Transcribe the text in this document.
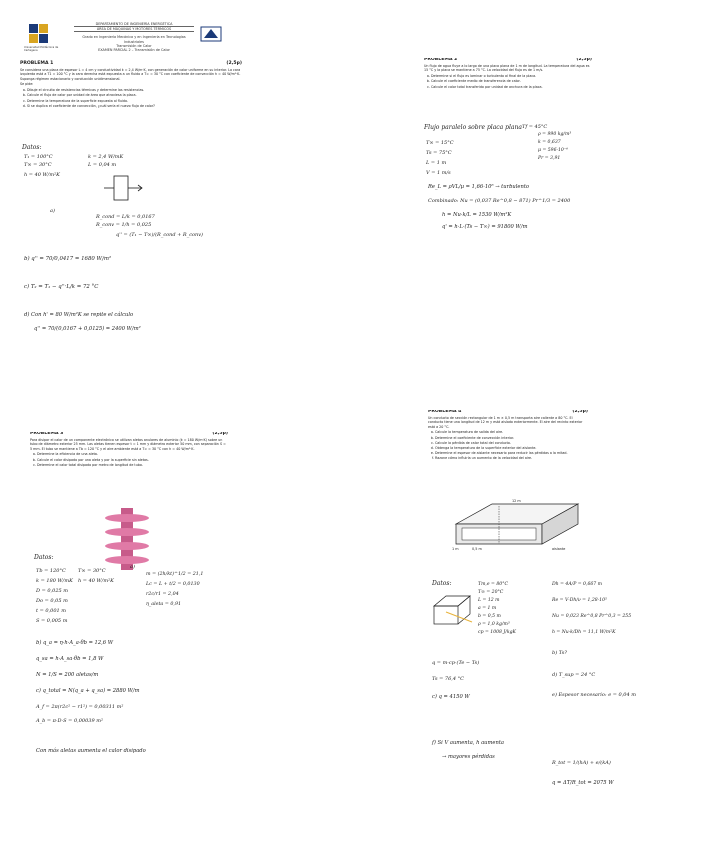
Universidad Politécnica de Cartagena
DEPARTAMENTO DE INGENIERÍA ENERGÉTICA
ÁREA DE MÁQUINAS Y MOTORES TÉRMICOS
Grado en Ingeniería Mecánica y en Ingeniería en Tecnologías Industriales
Transmisión de Calor
EXAMEN PARCIAL 2 – Transmisión de Calor
PROBLEMA 1	(2,5p)

Se considera una placa de espesor L = 4 cm y conductividad k = 2,4 W/m·K, con generación de calor uniforme en su interior. La cara izquierda está a T1 = 100 °C y la cara derecha está expuesta a un fluido a T∞ = 30 °C con coeficiente de convección h = 40 W/m²·K. Suponga régimen estacionario y conducción unidimensional.

Se pide:

a. Dibuje el circuito de resistencias térmicas y determine las resistencias.
b. Calcule el flujo de calor por unidad de área que atraviesa la placa.
c. Determine la temperatura de la superficie expuesta al fluido.
d. Si se duplica el coeficiente de convección, ¿cuál sería el nuevo flujo de calor?
Datos:
T₁ = 100°C
T∞ = 30°C
k = 2,4 W/mK
L = 0,04 m
h = 40 W/m²K
a)
R_cond = L/k = 0,0167
R_conv = 1/h = 0,025
q'' = (T₁ − T∞)/(R_cond + R_conv)
b) q'' = 70/0,0417 = 1680 W/m²
c) T₂ = T₁ − q''·L/k = 72 °C
d) Con h' = 80 W/m²K se repite el cálculo
q'' = 70/(0,0167 + 0,0125) = 2400 W/m²
PROBLEMA 2	(2,5p)

Un flujo de agua fluye a lo largo de una placa plana de 1 m de longitud. La temperatura del agua es 15 °C y la placa se mantiene a 75 °C. La velocidad del flujo es de 1 m/s.

a. Determine si el flujo es laminar o turbulento al final de la placa.
b. Calcule el coeficiente medio de transferencia de calor.
c. Calcule el calor total transferido por unidad de anchura de la placa.
Flujo paralelo sobre placa plana
T∞ = 15°C
Ts = 75°C
L = 1 m
V = 1 m/s
Tf = 45°C
ρ = 990 kg/m³
k = 0,637
μ = 596·10⁻⁶
Pr = 3,91
Re_L = ρVL/μ = 1,66·10⁶ → turbulento
Combinado: Nu = (0,037 Re^0,8 − 871) Pr^1/3 = 2400
h = Nu·k/L = 1530 W/m²K
q' = h·L·(Ts − T∞) = 91800 W/m
PROBLEMA 3	(2,5p)

Para disipar el calor de un componente electrónico se utilizan aletas anulares de aluminio (k = 180 W/m·K) sobre un tubo de diámetro exterior 25 mm. Las aletas tienen espesor t = 1 mm y diámetro exterior 50 mm, con separación S = 5 mm. El tubo se mantiene a Tb = 120 °C y el aire ambiente está a T∞ = 30 °C con h = 40 W/m²·K.

a. Determine la eficiencia de una aleta.
b. Calcule el calor disipado por una aleta y por la superficie sin aletas.
c. Determine el calor total disipado por metro de longitud de tubo.
Datos:
Tb = 120°C T∞ = 30°C
k = 180 W/mK h = 40 W/m²K
D = 0,025 m
Do = 0,05 m
t = 0,001 m
S = 0,005 m
a)
m = (2h/kt)^1/2 = 21,1
Lc = L + t/2 = 0,0130
r2c/r1 = 2,04
η_aleta = 0,91
b) q_a = η·h·A_a·θb = 12,6 W
q_sa = h·A_sa·θb = 1,8 W
N = 1/S = 200 aletas/m
c) q_total = N(q_a + q_sa) = 2880 W/m
A_f = 2π(r2c² − r1²) = 0,00311 m²
A_b = π·D·S = 0,00039 m²
Con más aletas aumenta el calor disipado
PROBLEMA 4	(2,5p)

Un conducto de sección rectangular de 1 m × 0,5 m transporta aire caliente a 80 °C. El conducto tiene una longitud de 12 m y está aislado exteriormente. El aire del recinto exterior está a 20 °C.

a. Calcule la temperatura de salida del aire.
b. Determine el coeficiente de convección interior.
c. Calcule la pérdida de calor total del conducto.
d. Obtenga la temperatura de la superficie exterior del aislante.
e. Determine el espesor de aislante necesario para reducir las pérdidas a la mitad.
f. Razone cómo influiría un aumento de la velocidad del aire.
12 m
1 m	0,5 m	aislante
Datos:	Tm,e = 80°C
T∞ = 20°C
L = 12 m
a = 1 m
b = 0,5 m
ρ = 1,0 kg/m³
cp = 1008 J/kgK
Dh = 4A/P = 0,667 m
Re = V·Dh/ν = 1,28·10⁵
Nu = 0,023 Re^0,8 Pr^0,3 = 255
h = Nu·k/Dh = 11,1 W/m²K
b) Ts?
q = m·cp·(Te − Ts)
Ts = 76,4 °C
c) q = 4150 W
d) T_sup = 24 °C
e) Espesor necesario: e = 0,04 m
f) Si V aumenta, h aumenta
→ mayores pérdidas
R_tot = 1/(hA) + e/(kA)
q = ΔT/R_tot = 2075 W
